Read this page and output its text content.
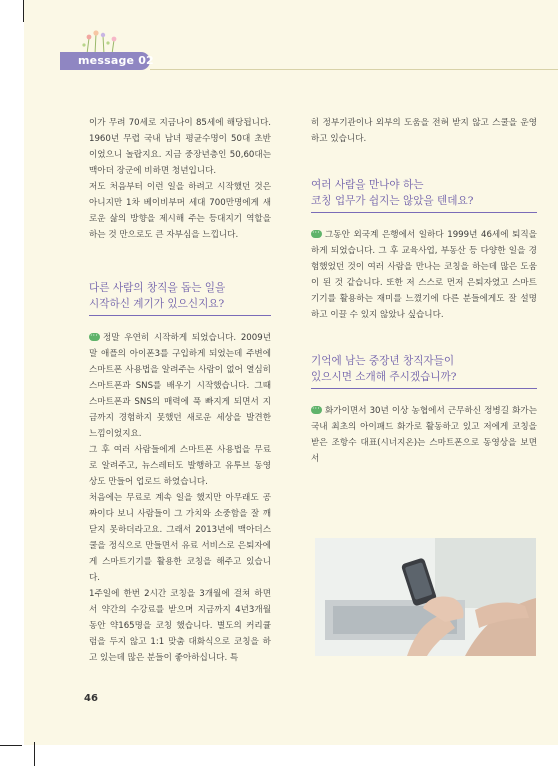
message 02

이가 무려 70세로 지금나이 85세에 해당됩니다. 1960년 무렵 국내 남녀 평균수명이 50대 초반이었으니 놀랍지요. 지금 중장년층인 50,60대는 맥아더 장군에 비하면 청년입니다.

저도 처음부터 이런 일을 하려고 시작했던 것은 아니지만 1차 베이비부머 세대 700만명에게 새로운 삶의 방향을 제시해 주는 등대지기 역할을 하는 것 만으로도 큰 자부심을 느낍니다.

다른 사람의 창직을 돕는 일을
시작하신 계기가 있으신지요?

···정말 우연히 시작하게 되었습니다. 2009년 말 애플의 아이폰3를 구입하게 되었는데 주변에 스마트폰 사용법을 알려주는 사람이 없어 열심히 스마트폰과 SNS를 배우기 시작했습니다. 그때 스마트폰과 SNS의 매력에 푹 빠지게 되면서 지금까지 경험하지 못했던 새로운 세상을 발견한 느낌이었지요.

그 후 여러 사람들에게 스마트폰 사용법을 무료로 알려주고, 뉴스레터도 발행하고 유투브 동영상도 만들어 업로드 하였습니다.

처음에는 무료로 계속 일을 했지만 아무래도 공짜이다 보니 사람들이 그 가치와 소중함을 잘 깨닫지 못하더라고요. 그래서 2013년에 맥아더스쿨을 정식으로 만들면서 유료 서비스로 은퇴자에게 스마트기기를 활용한 코칭을 해주고 있습니다.

1주일에 한번 2시간 코칭을 3개월에 걸쳐 하면서 약간의 수강료를 받으며 지금까지 4년3개월 동안 약165명을 코칭 했습니다. 별도의 커리큘럼을 두지 않고 1:1 맞춤 대화식으로 코칭을 하고 있는데 많은 분들이 좋아하십니다. 특

히 정부기관이나 외부의 도움을 전혀 받지 않고 스쿨을 운영하고 있습니다.

여러 사람을 만나야 하는
코칭 업무가 쉽지는 않았을 텐데요?

···그동안 외국계 은행에서 일하다 1999년 46세에 퇴직을 하게 되었습니다. 그 후 교육사업, 부동산 등 다양한 일을 경험했었던 것이 여러 사람을 만나는 코칭을 하는데 많은 도움이 된 것 같습니다. 또한 저 스스로 먼저 은퇴자였고 스마트 기기를 활용하는 재미를 느꼈기에 다른 분들에게도 잘 설명하고 이끌 수 있지 않았나 싶습니다.

기억에 남는 중장년 창직자들이
있으시면 소개해 주시겠습니까?

···화가이면서 30년 이상 농협에서 근무하신 정병길 화가는 국내 최초의 아이패드 화가로 활동하고 있고 저에게 코칭을 받은 조항수 대표(시너지온)는 스마트폰으로 동영상을 보면서

46
